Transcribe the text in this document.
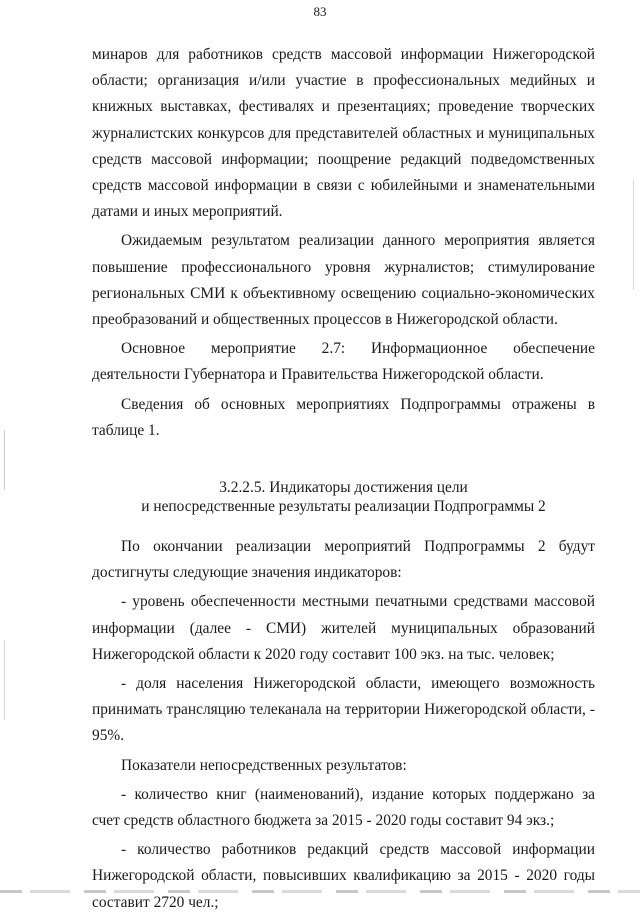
83

минаров для работников средств массовой информации Нижегородской области; организация и/или участие в профессиональных медийных и книжных выставках, фестивалях и презентациях; проведение творческих журналистских конкурсов для представителей областных и муниципальных средств массовой информации; поощрение редакций подведомственных средств массовой информации в связи с юбилейными и знаменательными датами и иных мероприятий.

Ожидаемым результатом реализации данного мероприятия является повышение профессионального уровня журналистов; стимулирование региональных СМИ к объективному освещению социально-экономических преобразований и общественных процессов в Нижегородской области.

Основное мероприятие 2.7: Информационное обеспечение деятельности Губернатора и Правительства Нижегородской области.

Сведения об основных мероприятиях Подпрограммы отражены в таблице 1.

3.2.2.5. Индикаторы достижения цели
и непосредственные результаты реализации Подпрограммы 2

По окончании реализации мероприятий Подпрограммы 2 будут достигнуты следующие значения индикаторов:

- уровень обеспеченности местными печатными средствами массовой информации (далее - СМИ) жителей муниципальных образований Нижегородской области к 2020 году составит 100 экз. на тыс. человек;

- доля населения Нижегородской области, имеющего возможность принимать трансляцию телеканала на территории Нижегородской области, - 95%.

Показатели непосредственных результатов:

- количество книг (наименований), издание которых поддержано за счет средств областного бюджета за 2015 - 2020 годы составит 94 экз.;

- количество работников редакций средств массовой информации Нижегородской области, повысивших квалификацию за 2015 - 2020 годы составит 2720 чел.;
